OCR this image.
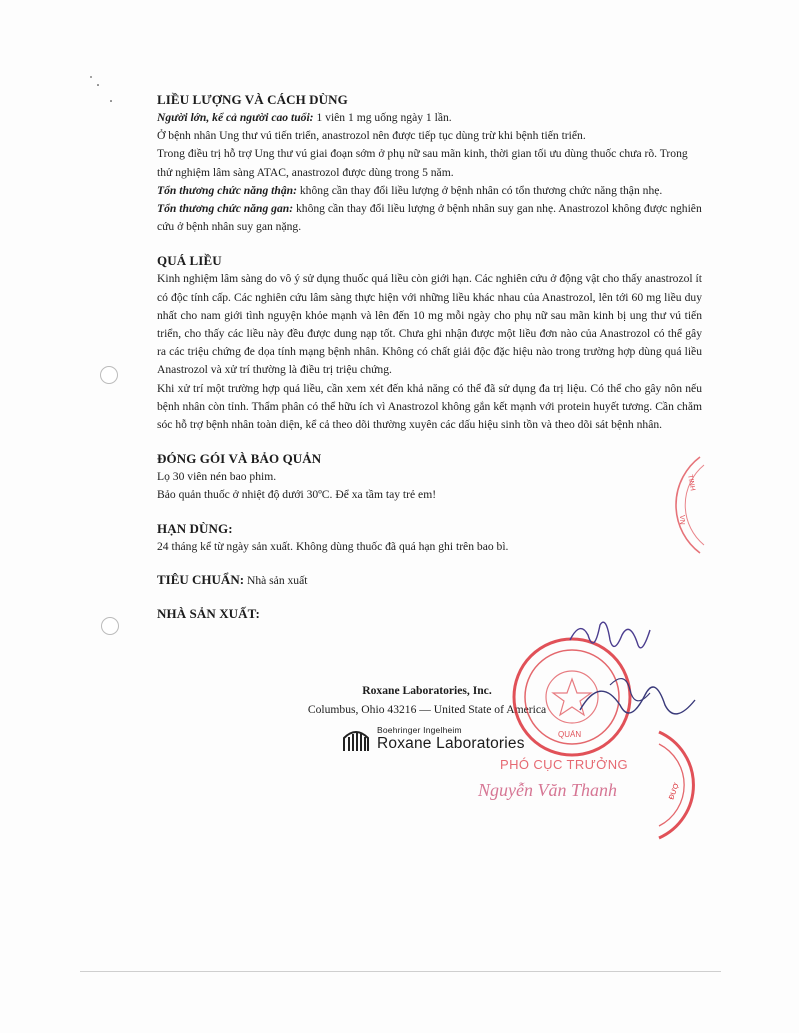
LIỀU LƯỢNG VÀ CÁCH DÙNG

Người lớn, kể cả người cao tuổi: 1 viên 1 mg uống ngày 1 lần.

Ở bệnh nhân Ung thư vú tiến triển, anastrozol nên được tiếp tục dùng trừ khi bệnh tiến triển.

Trong điều trị hỗ trợ Ung thư vú giai đoạn sớm ở phụ nữ sau mãn kinh, thời gian tối ưu dùng thuốc chưa rõ. Trong thử nghiệm lâm sàng ATAC, anastrozol được dùng trong 5 năm.

Tổn thương chức năng thận: không cần thay đổi liều lượng ở bệnh nhân có tổn thương chức năng thận nhẹ.

Tổn thương chức năng gan: không cần thay đổi liều lượng ở bệnh nhân suy gan nhẹ. Anastrozol không được nghiên cứu ở bệnh nhân suy gan nặng.

QUÁ LIỀU

Kinh nghiệm lâm sàng do vô ý sử dụng thuốc quá liều còn giới hạn. Các nghiên cứu ở động vật cho thấy anastrozol ít có độc tính cấp. Các nghiên cứu lâm sàng thực hiện với những liều khác nhau của Anastrozol, lên tới 60 mg liều duy nhất cho nam giới tình nguyện khỏe mạnh và lên đến 10 mg mỗi ngày cho phụ nữ sau mãn kinh bị ung thư vú tiến triển, cho thấy các liều này đều được dung nạp tốt. Chưa ghi nhận được một liều đơn nào của Anastrozol có thể gây ra các triệu chứng đe dọa tính mạng bệnh nhân. Không có chất giải độc đặc hiệu nào trong trường hợp dùng quá liều Anastrozol và xử trí thường là điều trị triệu chứng.

Khi xử trí một trường hợp quá liều, cần xem xét đến khả năng có thể đã sử dụng đa trị liệu. Có thể cho gây nôn nếu bệnh nhân còn tỉnh. Thẩm phân có thể hữu ích vì Anastrozol không gắn kết mạnh với protein huyết tương. Cần chăm sóc hỗ trợ bệnh nhân toàn diện, kể cả theo dõi thường xuyên các dấu hiệu sinh tồn và theo dõi sát bệnh nhân.

ĐÓNG GÓI VÀ BẢO QUẢN

Lọ 30 viên nén bao phim.

Bảo quản thuốc ở nhiệt độ dưới 30ºC. Để xa tầm tay trẻ em!

HẠN DÙNG:

24 tháng kể từ ngày sản xuất. Không dùng thuốc đã quá hạn ghi trên bao bì.

TIÊU CHUẨN: Nhà sản xuất

NHÀ SẢN XUẤT:

Roxane Laboratories, Inc.
Columbus, Ohio 43216 — United State of America
Boehringer Ingelheim
Roxane Laboratories
TINH
VN
QUẢN
ĐƯỢ
PHÓ CỤC TRƯỞNG
Nguyễn Văn Thanh
